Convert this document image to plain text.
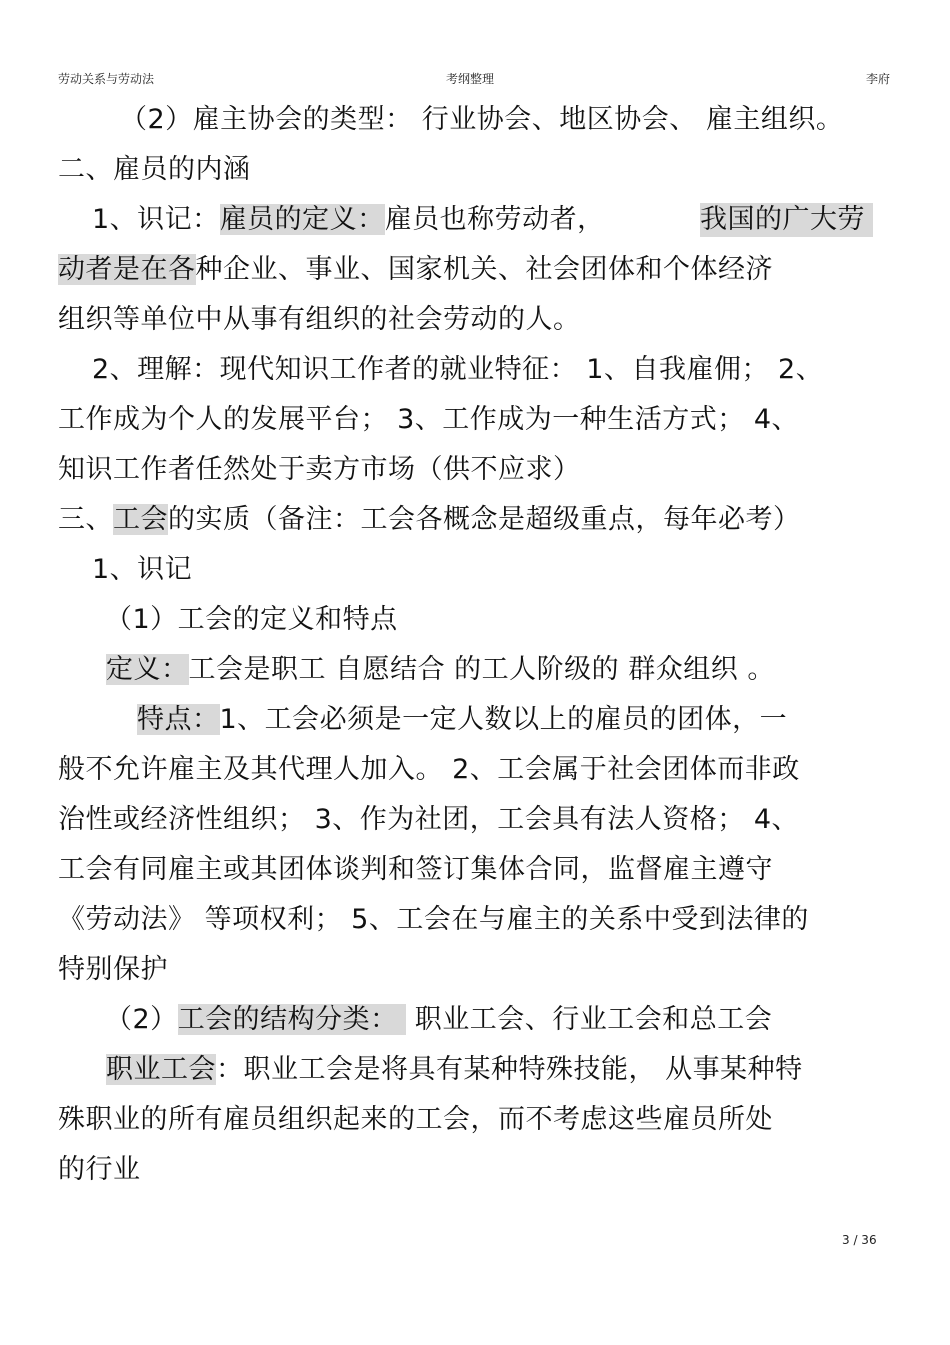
劳动关系与劳动法	考纲整理	李府
（2）雇主协会的类型： 行业协会、地区协会、 雇主组织。
二、雇员的内涵
1、识记：雇员的定义：雇员也称劳动者，	我国的广大劳
动者是在各种企业、事业、国家机关、社会团体和个体经济
组织等单位中从事有组织的社会劳动的人。
2、理解：现代知识工作者的就业特征： 1、自我雇佣； 2、
工作成为个人的发展平台； 3、工作成为一种生活方式； 4、
知识工作者任然处于卖方市场（供不应求）
三、工会的实质（备注：工会各概念是超级重点，每年必考）
1、识记
（1）工会的定义和特点
定义：工会是职工 自愿结合 的工人阶级的 群众组织 。
特点：1、工会必须是一定人数以上的雇员的团体，一
般不允许雇主及其代理人加入。 2、工会属于社会团体而非政
治性或经济性组织； 3、作为社团，工会具有法人资格； 4、
工会有同雇主或其团体谈判和签订集体合同，监督雇主遵守
《劳动法》 等项权利； 5、工会在与雇主的关系中受到法律的
特别保护
（2）工会的结构分类： 职业工会、行业工会和总工会
职业工会：职业工会是将具有某种特殊技能， 从事某种特
殊职业的所有雇员组织起来的工会，而不考虑这些雇员所处
的行业
3 / 36
